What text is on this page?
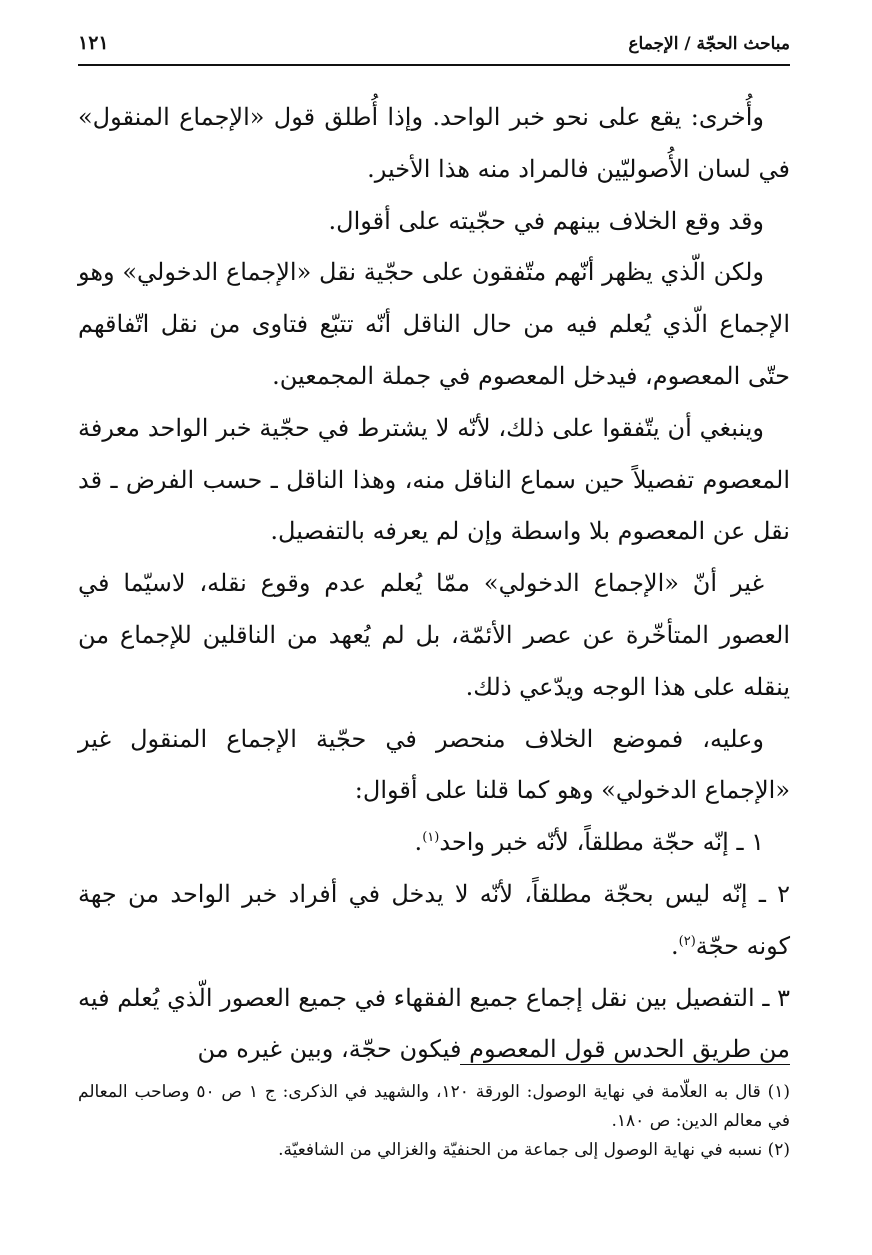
١٢١	مباحث الحجّة / الإجماع

وأُخرى: يقع على نحو خبر الواحد. وإذا أُطلق قول «الإجماع المنقول» في لسان الأُصوليّين فالمراد منه هذا الأخير.

وقد وقع الخلاف بينهم في حجّيته على أقوال.

ولكن الّذي يظهر أنّهم متّفقون على حجّية نقل «الإجماع الدخولي» وهو الإجماع الّذي يُعلم فيه من حال الناقل أنّه تتبّع فتاوى من نقل اتّفاقهم حتّى المعصوم، فيدخل المعصوم في جملة المجمعين.

وينبغي أن يتّفقوا على ذلك، لأنّه لا يشترط في حجّية خبر الواحد معرفة المعصوم تفصيلاً حين سماع الناقل منه، وهذا الناقل ـ حسب الفرض ـ قد نقل عن المعصوم بلا واسطة وإن لم يعرفه بالتفصيل.

غير أنّ «الإجماع الدخولي» ممّا يُعلم عدم وقوع نقله، لاسيّما في العصور المتأخّرة عن عصر الأئمّة، بل لم يُعهد من الناقلين للإجماع من ينقله على هذا الوجه ويدّعي ذلك.

وعليه، فموضع الخلاف منحصر في حجّية الإجماع المنقول غير «الإجماع الدخولي» وهو كما قلنا على أقوال:

١ ـ إنّه حجّة مطلقاً، لأنّه خبر واحد$^{(١)}$.

٢ ـ إنّه ليس بحجّة مطلقاً، لأنّه لا يدخل في أفراد خبر الواحد من جهة كونه حجّة$^{(٢)}$.

٣ ـ التفصيل بين نقل إجماع جميع الفقهاء في جميع العصور الّذي يُعلم فيه من طريق الحدس قول المعصوم فيكون حجّة، وبين غيره من

(١) قال به العلّامة في نهاية الوصول: الورقة ١٢٠، والشهيد في الذكرى: ج ١ ص ٥٠ وصاحب المعالم في معالم الدين: ص ١٨٠.

(٢) نسبه في نهاية الوصول إلى جماعة من الحنفيّة والغزالي من الشافعيّة.
